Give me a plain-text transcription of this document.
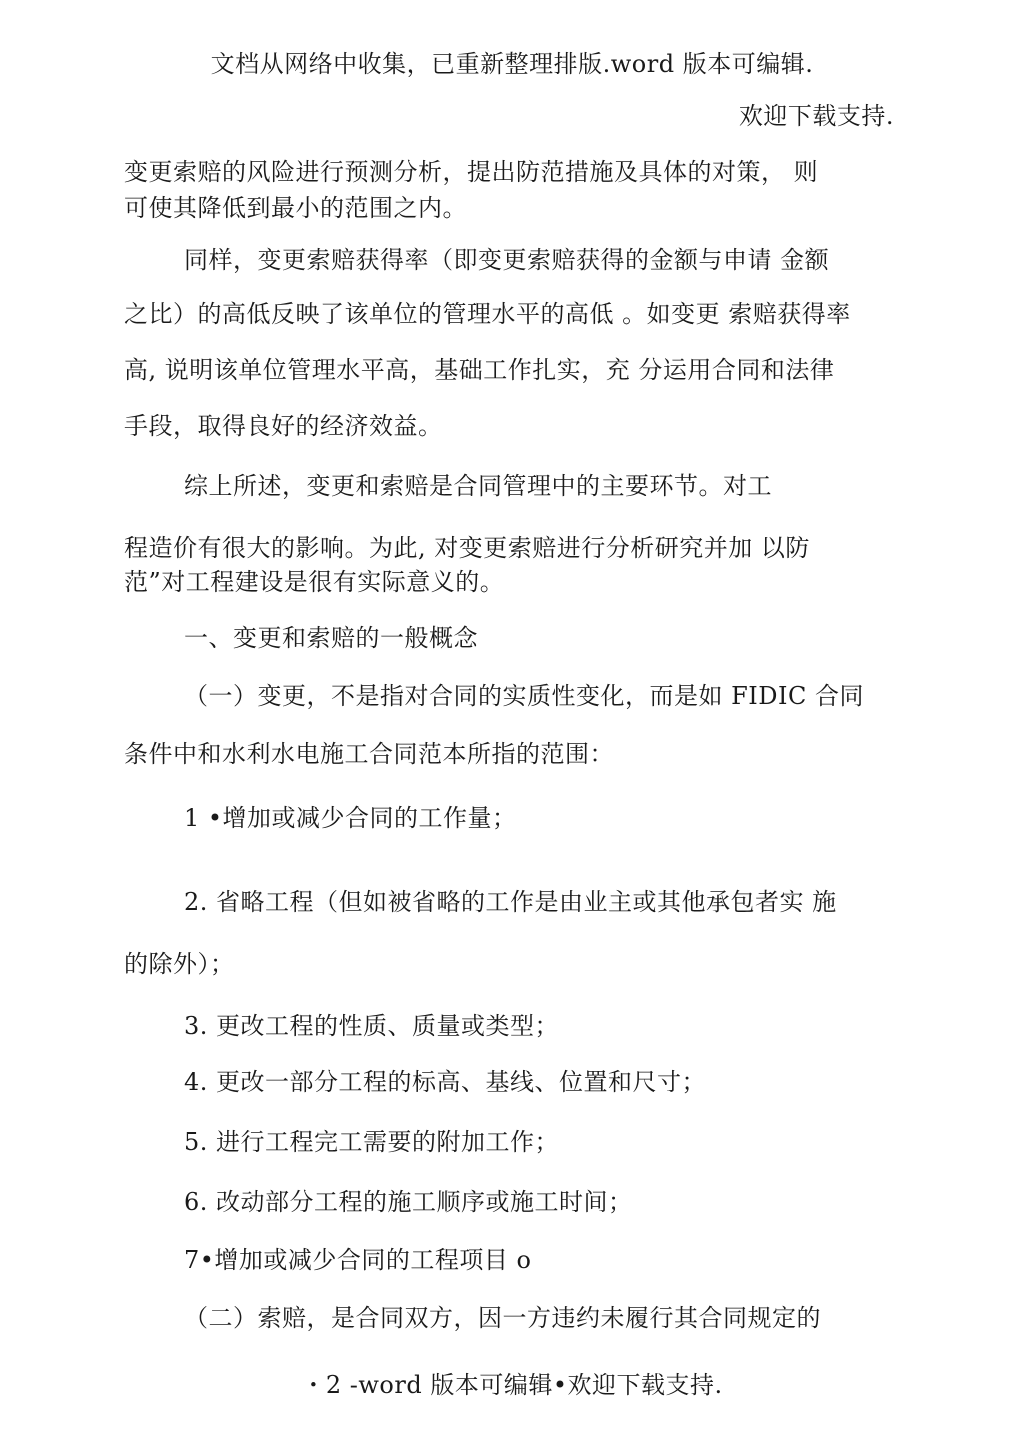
文档从网络中收集，已重新整理排版.word 版本可编辑.
欢迎下载支持.
变更索赔的风险进行预测分析，提出防范措施及具体的对策， 则
可使其降低到最小的范围之内。
同样，变更索赔获得率（即变更索赔获得的金额与申请 金额
之比）的高低反映了该单位的管理水平的高低 。如变更 索赔获得率
高, 说明该单位管理水平高，基础工作扎实，充 分运用合同和法律
手段，取得良好的经济效益。
综上所述，变更和索赔是合同管理中的主要环节。对工
程造价有很大的影响。为此, 对变更索赔进行分析研究并加 以防
范”对工程建设是很有实际意义的。
一、变更和索赔的一般概念
（一）变更，不是指对合同的实质性变化，而是如 FIDIC 合同
条件中和水利水电施工合同范本所指的范围：
1 •增加或减少合同的工作量；
2. 省略工程（但如被省略的工作是由业主或其他承包者实 施
的除外）；
3. 更改工程的性质、质量或类型；
4. 更改一部分工程的标高、基线、位置和尺寸；
5. 进行工程完工需要的附加工作；
6. 改动部分工程的施工顺序或施工时间；
7•增加或减少合同的工程项目 o
（二）索赔，是合同双方，因一方违约未履行其合同规定的
・2 -word 版本可编辑•欢迎下载支持.
